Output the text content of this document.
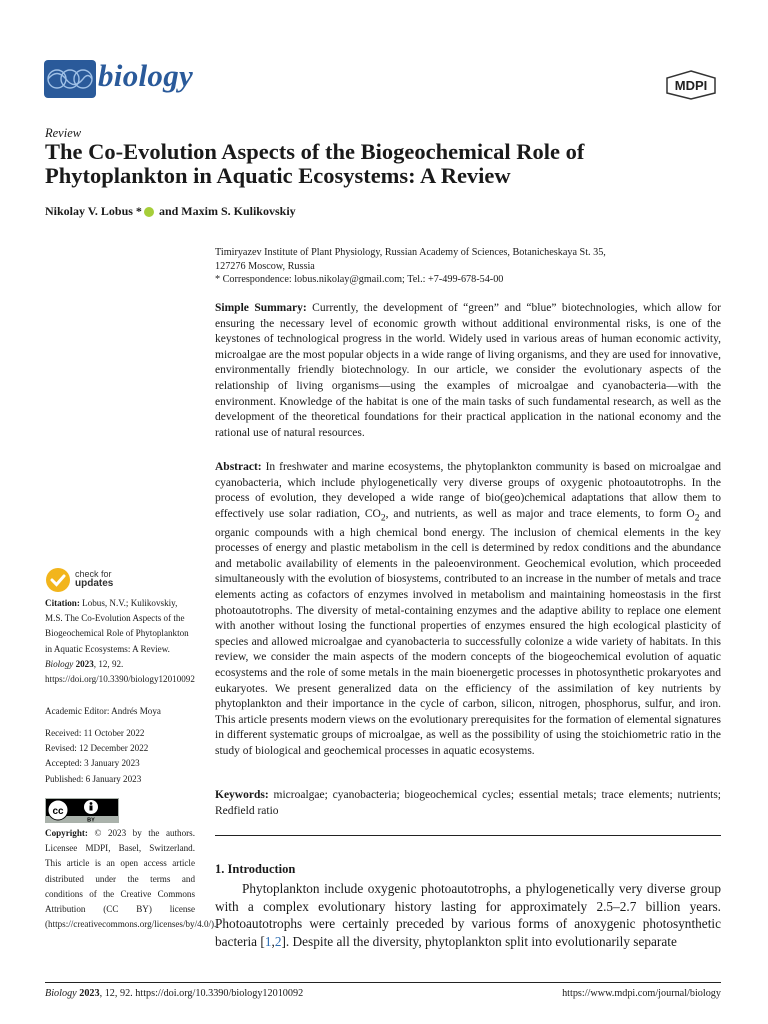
biology	MDPI
Review
The Co-Evolution Aspects of the Biogeochemical Role of Phytoplankton in Aquatic Ecosystems: A Review
Nikolay V. Lobus * and Maxim S. Kulikovskiy
Timiryazev Institute of Plant Physiology, Russian Academy of Sciences, Botanicheskaya St. 35,
127276 Moscow, Russia
* Correspondence: lobus.nikolay@gmail.com; Tel.: +7-499-678-54-00
Simple Summary: Currently, the development of “green” and “blue” biotechnologies, which allow for ensuring the necessary level of economic growth without additional environmental risks, is one of the keystones of technological progress in the world. Widely used in various areas of human economic activity, microalgae are the most popular objects in a wide range of living organisms, and they are used for innovative, environmentally friendly biotechnology. In our article, we consider the evolutionary aspects of the relationship of living organisms—using the examples of microalgae and cyanobacteria—with the environment. Knowledge of the habitat is one of the main tasks of such fundamental research, as well as the development of the theoretical foundations for their practical application in the national economy and the rational use of natural resources.
Abstract: In freshwater and marine ecosystems, the phytoplankton community is based on microalgae and cyanobacteria, which include phylogenetically very diverse groups of oxygenic photoautotrophs. In the process of evolution, they developed a wide range of bio(geo)chemical adaptations that allow them to effectively use solar radiation, $CO_2$, and nutrients, as well as major and trace elements, to form $O_2$ and organic compounds with a high chemical bond energy. The inclusion of chemical elements in the key processes of energy and plastic metabolism in the cell is determined by redox conditions and the abundance and metabolic availability of elements in the paleoenvironment. Geochemical evolution, which proceeded simultaneously with the evolution of biosystems, contributed to an increase in the number of metals and trace elements acting as cofactors of enzymes involved in metabolism and maintaining homeostasis in the first photoautotrophs. The diversity of metal-containing enzymes and the adaptive ability to replace one element with another without losing the functional properties of enzymes ensured the high ecological plasticity of species and allowed microalgae and cyanobacteria to successfully colonize a wide variety of habitats. In this review, we consider the main aspects of the modern concepts of the biogeochemical evolution of aquatic ecosystems and the role of some metals in the main bioenergetic processes in photosynthetic prokaryotes and eukaryotes. We present generalized data on the efficiency of the assimilation of key nutrients by phytoplankton and their importance in the cycle of carbon, silicon, nitrogen, phosphorus, sulfur, and iron. This article presents modern views on the evolutionary prerequisites for the formation of elemental signatures in different systematic groups of microalgae, as well as the possibility of using the stoichiometric ratio in the study of biological and geochemical processes in aquatic ecosystems.
Keywords: microalgae; cyanobacteria; biogeochemical cycles; essential metals; trace elements; nutrients; Redfield ratio
check for
updates
Citation: Lobus, N.V.; Kulikovskiy, M.S. The Co-Evolution Aspects of the Biogeochemical Role of Phytoplankton in Aquatic Ecosystems: A Review. Biology 2023, 12, 92. https://doi.org/10.3390/biology12010092
Academic Editor: Andrés Moya
Received: 11 October 2022
Revised: 12 December 2022
Accepted: 3 January 2023
Published: 6 January 2023
cc
BY
Copyright: © 2023 by the authors. Licensee MDPI, Basel, Switzerland. This article is an open access article distributed under the terms and conditions of the Creative Commons Attribution (CC BY) license (https://creativecommons.org/licenses/by/4.0/).
1. Introduction
Phytoplankton include oxygenic photoautotrophs, a phylogenetically very diverse group with a complex evolutionary history lasting for approximately 2.5–2.7 billion years. Photoautotrophs were certainly preceded by various forms of anoxygenic photosynthetic bacteria [1,2]. Despite all the diversity, phytoplankton split into evolutionarily separate
Biology 2023, 12, 92. https://doi.org/10.3390/biology12010092	https://www.mdpi.com/journal/biology
